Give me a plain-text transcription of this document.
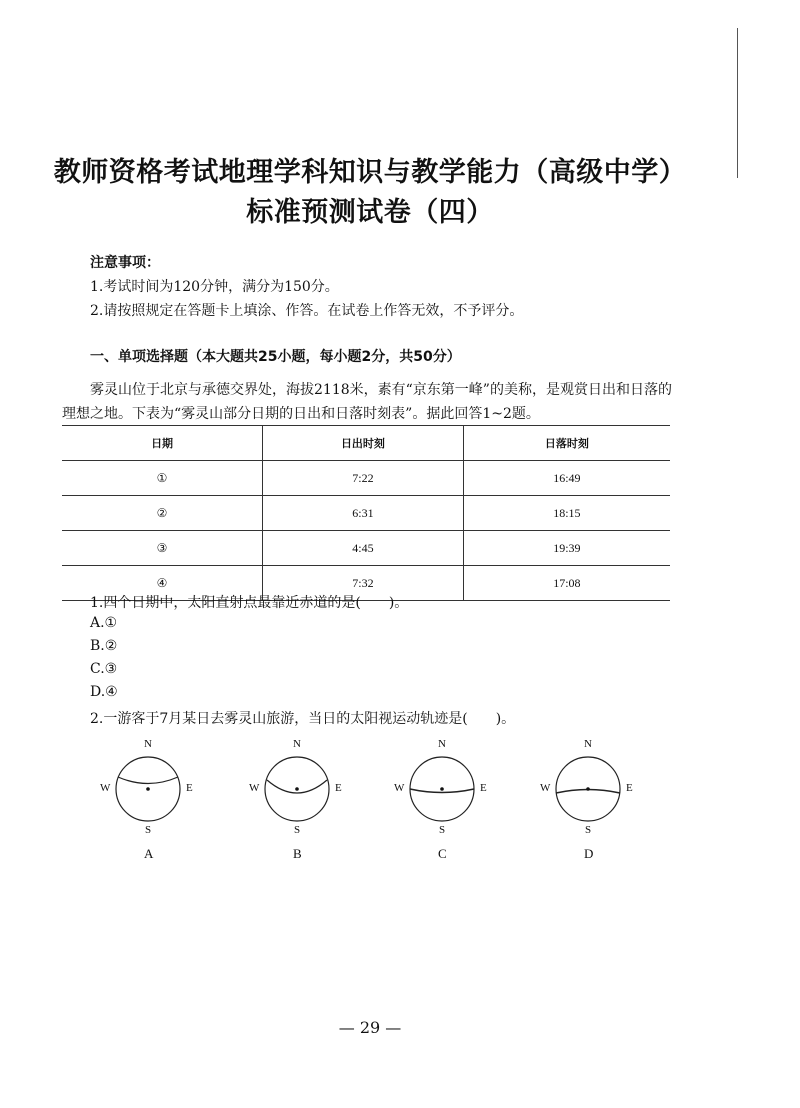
教师资格考试地理学科知识与教学能力（高级中学）
标准预测试卷（四）
注意事项：
1.考试时间为120分钟，满分为150分。
2.请按照规定在答题卡上填涂、作答。在试卷上作答无效，不予评分。
一、单项选择题（本大题共25小题，每小题2分，共50分）
雾灵山位于北京与承德交界处，海拔2118米，素有“京东第一峰”的美称，是观赏日出和日落的理想之地。下表为“雾灵山部分日期的日出和日落时刻表”。据此回答1~2题。
日期	日出时刻	日落时刻
①	7:22	16:49
②	6:31	18:15
③	4:45	19:39
④	7:32	17:08
1.四个日期中，太阳直射点最靠近赤道的是(　　)。
A.①
B.②
C.③
D.④
2.一游客于7月某日去雾灵山旅游，当日的太阳视运动轨迹是(　　)。
N
S
W	E
A
N
S
W	E
B
N
S
W	E
C
N
S
W	E
D
— 29 —
